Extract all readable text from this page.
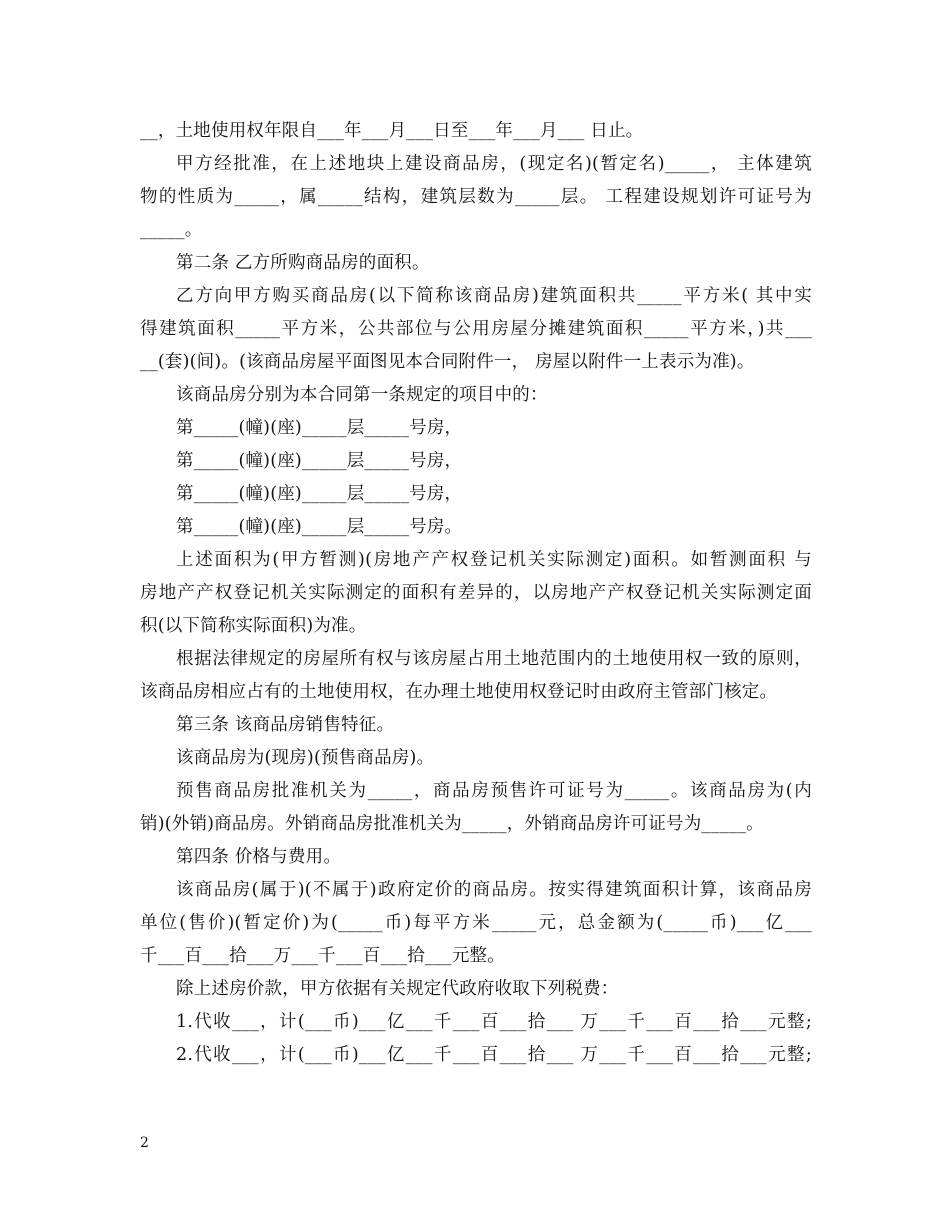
__，土地使用权年限自___年___月___日至___年___月___ 日止。
甲方经批准，在上述地块上建设商品房，(现定名)(暂定名)_____， 主体建筑
物的性质为_____，属_____结构，建筑层数为_____层。 工程建设规划许可证号为
_____。
第二条 乙方所购商品房的面积。
乙方向甲方购买商品房(以下简称该商品房)建筑面积共_____平方米( 其中实
得建筑面积_____平方米，公共部位与公用房屋分摊建筑面积_____平方米，)共___
__(套)(间)。(该商品房屋平面图见本合同附件一， 房屋以附件一上表示为准)。
该商品房分别为本合同第一条规定的项目中的：
第_____(幢)(座)_____层_____号房，
第_____(幢)(座)_____层_____号房，
第_____(幢)(座)_____层_____号房，
第_____(幢)(座)_____层_____号房。
上述面积为(甲方暂测)(房地产产权登记机关实际测定)面积。如暂测面积 与
房地产产权登记机关实际测定的面积有差异的，以房地产产权登记机关实际测定面
积(以下简称实际面积)为准。
根据法律规定的房屋所有权与该房屋占用土地范围内的土地使用权一致的原则，
该商品房相应占有的土地使用权，在办理土地使用权登记时由政府主管部门核定。
第三条 该商品房销售特征。
该商品房为(现房)(预售商品房)。
预售商品房批准机关为_____，商品房预售许可证号为_____。该商品房为(内
销)(外销)商品房。外销商品房批准机关为_____，外销商品房许可证号为_____。
第四条 价格与费用。
该商品房(属于)(不属于)政府定价的商品房。按实得建筑面积计算，该商品房
单位(售价)(暂定价)为(_____币)每平方米_____元，总金额为(_____币)___亿___
千___百___拾___万___千___百___拾___元整。
除上述房价款，甲方依据有关规定代政府收取下列税费：
1.代收___，计(___币)___亿___千___百___拾___ 万___千___百___拾___元整;
2.代收___，计(___币)___亿___千___百___拾___ 万___千___百___拾___元整;
2
